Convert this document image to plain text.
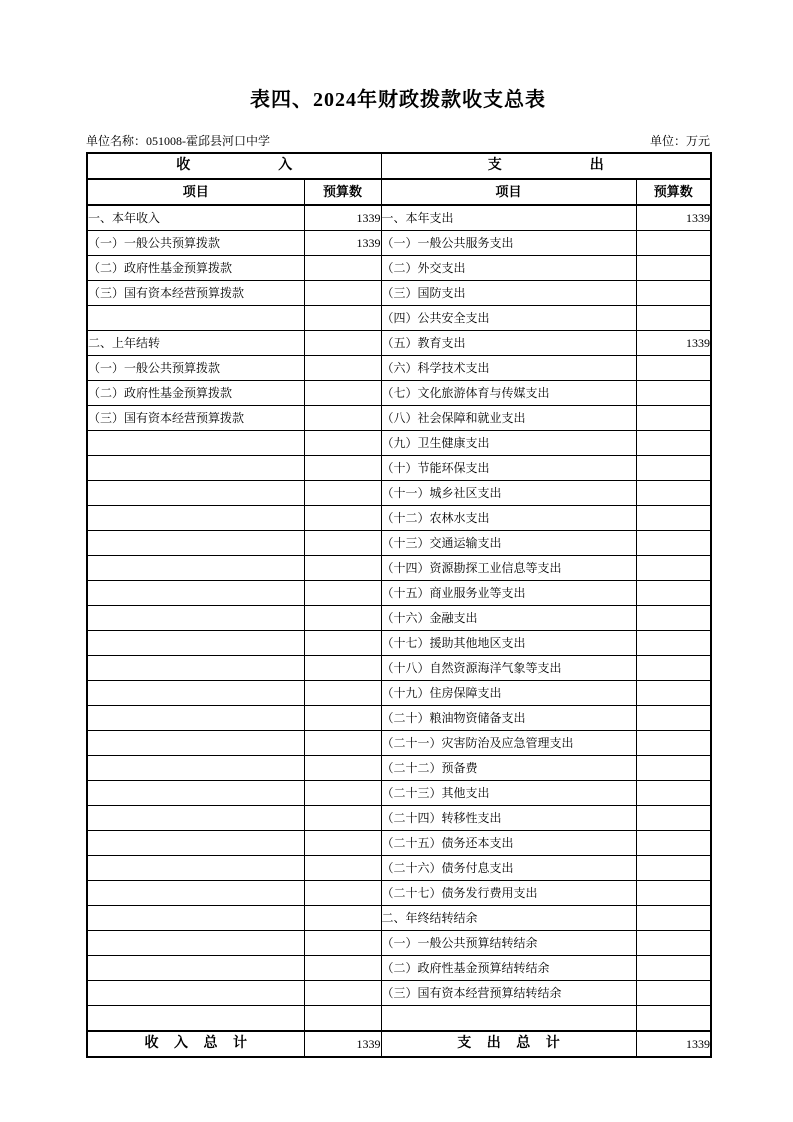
表四、2024年财政拨款收支总表
单位名称：051008-霍邱县河口中学	单位：万元
收 入		支 出	

项目	预算数	项目	预算数
一、本年收入	1339	一、本年支出	1339
（一）一般公共预算拨款	1339	（一）一般公共服务支出	
（二）政府性基金预算拨款		（二）外交支出	
（三）国有资本经营预算拨款		（三）国防支出	
		（四）公共安全支出	
二、上年结转		（五）教育支出	1339
（一）一般公共预算拨款		（六）科学技术支出	
（二）政府性基金预算拨款		（七）文化旅游体育与传媒支出	
（三）国有资本经营预算拨款		（八）社会保障和就业支出	
		（九）卫生健康支出	
		（十）节能环保支出	
		（十一）城乡社区支出	
		（十二）农林水支出	
		（十三）交通运输支出	
		（十四）资源勘探工业信息等支出	
		（十五）商业服务业等支出	
		（十六）金融支出	
		（十七）援助其他地区支出	
		（十八）自然资源海洋气象等支出	
		（十九）住房保障支出	
		（二十）粮油物资储备支出	
		（二十一）灾害防治及应急管理支出	
		（二十二）预备费	
		（二十三）其他支出	
		（二十四）转移性支出	
		（二十五）债务还本支出	
		（二十六）债务付息支出	
		（二十七）债务发行费用支出	
		二、年终结转结余	
		（一）一般公共预算结转结余	
		（二）政府性基金预算结转结余	
		（三）国有资本经营预算结转结余	

收 入 总 计	1339	支 出 总 计	1339
